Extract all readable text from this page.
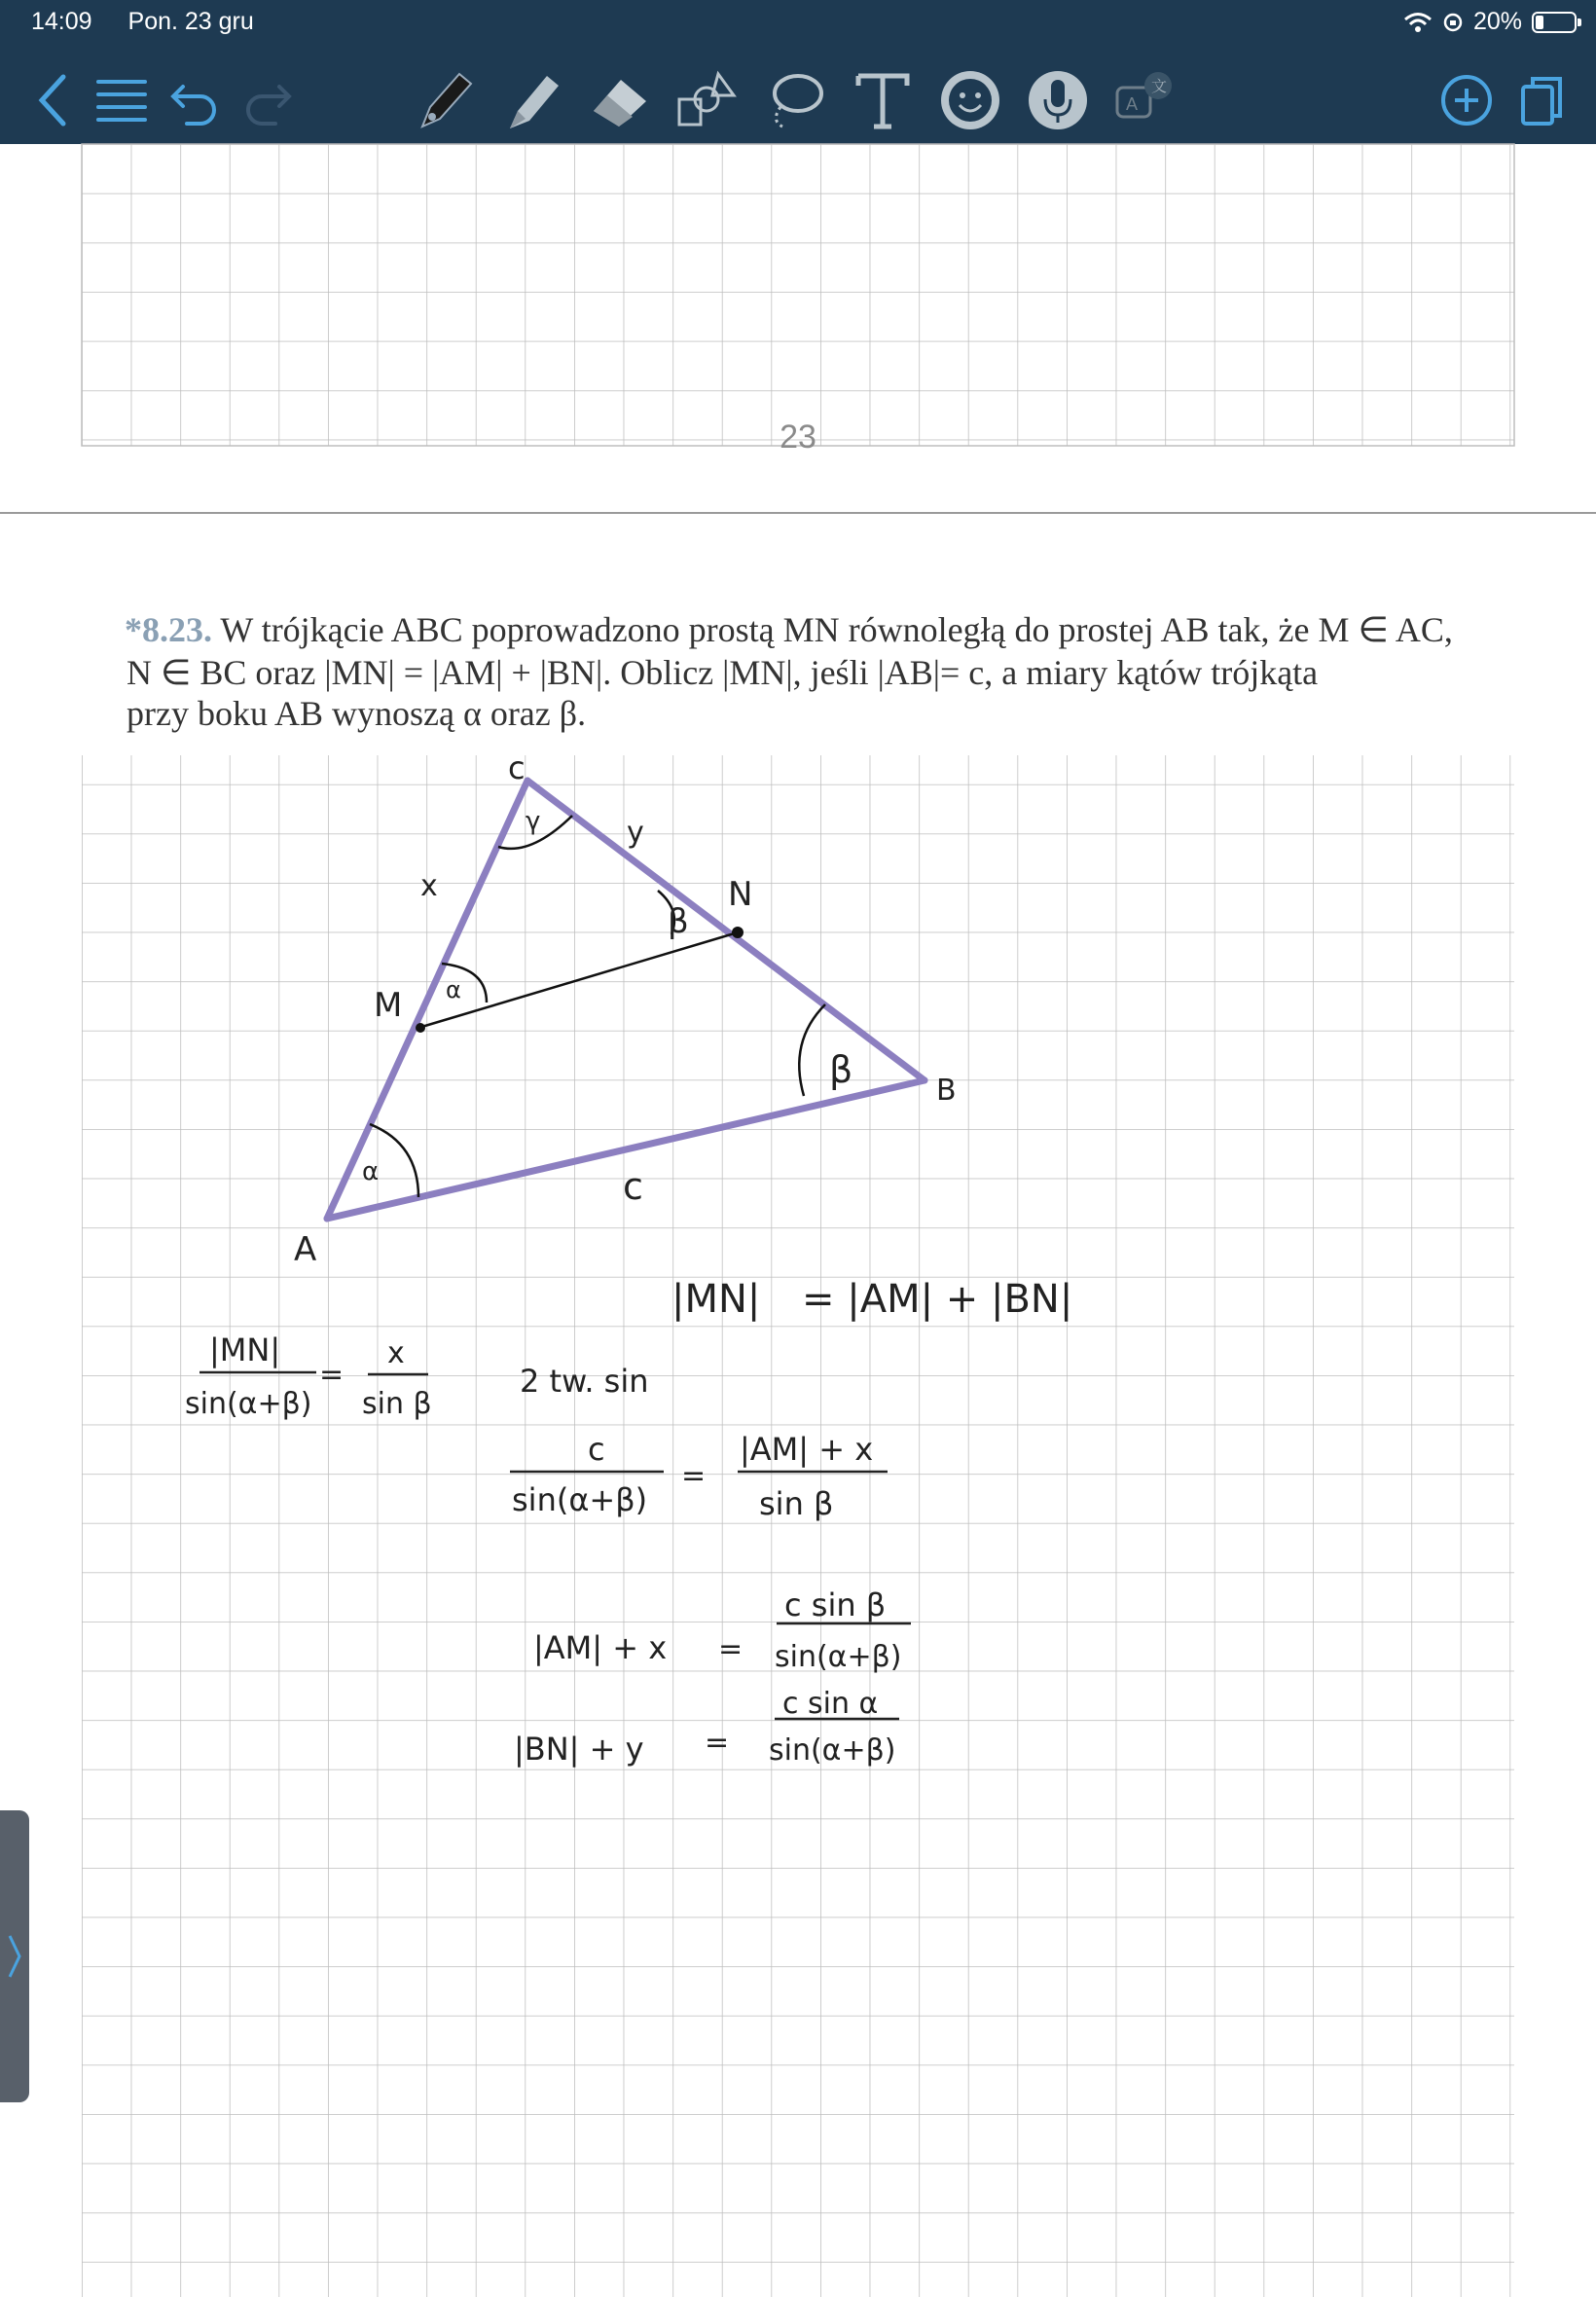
14:09 Pon. 23 gru	20%
A
文
23
*8.23. W trójkącie ABC poprowadzono prostą MN równoległą do prostej AB tak, że M ∈ AC,
N ∈ BC oraz |MN| = |AM| + |BN|. Oblicz |MN|, jeśli |AB|= c, a miary kątów trójkąta
przy boku AB wynoszą α oraz β.
c
A
B
M
N
x
y
c
γ
α
α
β
β
|MN| = |AM| + |BN|
|MN|
sin(α+β)
=
x
sin β
2 tw. sin
c
sin(α+β)
=
|AM| + x
sin β
|AM| + x =
c sin β
sin(α+β)
|BN| + y =
c sin α
sin(α+β)
